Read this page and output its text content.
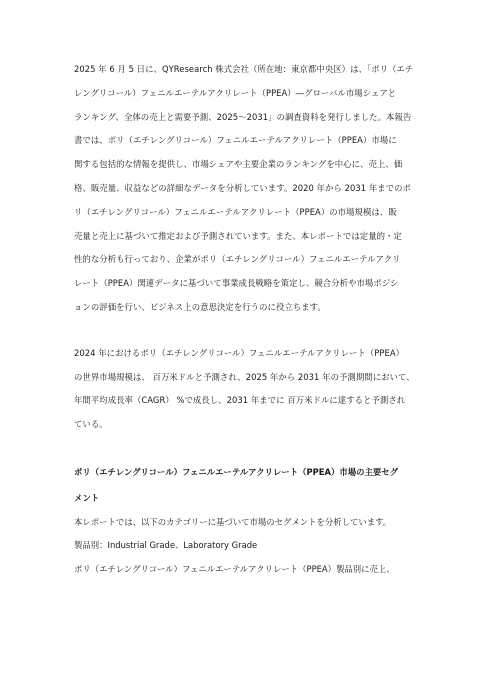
2025 年 6 月 5 日に、QYResearch 株式会社（所在地：東京都中央区）は、「ポリ（エチ

レングリコール）フェニルエーテルアクリレート（PPEA）―グローバル市場シェアと

ランキング、全体の売上と需要予測、2025～2031」の調査資料を発行しました。本報告

書では、ポリ（エチレングリコール）フェニルエーテルアクリレート（PPEA）市場に

関する包括的な情報を提供し、市場シェアや主要企業のランキングを中心に、売上、価

格、販売量、収益などの詳細なデータを分析しています。2020 年から 2031 年までのポ

リ（エチレングリコール）フェニルエーテルアクリレート（PPEA）の市場規模は、販

売量と売上に基づいて推定および予測されています。また、本レポートでは定量的・定

性的な分析も行っており、企業がポリ（エチレングリコール）フェニルエーテルアクリ

レート（PPEA）関連データに基づいて事業成長戦略を策定し、競合分析や市場ポジシ

ョンの評価を行い、ビジネス上の意思決定を行うのに役立ちます。

2024 年におけるポリ（エチレングリコール）フェニルエーテルアクリレート（PPEA）

の世界市場規模は、 百万米ドルと予測され、2025 年から 2031 年の予測期間において、

年間平均成長率（CAGR） %で成長し、2031 年までに 百万米ドルに達すると予測され

ている。

ポリ（エチレングリコール）フェニルエーテルアクリレート（PPEA）市場の主要セグ

メント

本レポートでは、以下のカテゴリーに基づいて市場のセグメントを分析しています。

製品別：Industrial Grade、Laboratory Grade

ポリ（エチレングリコール）フェニルエーテルアクリレート（PPEA）製品別に売上、
